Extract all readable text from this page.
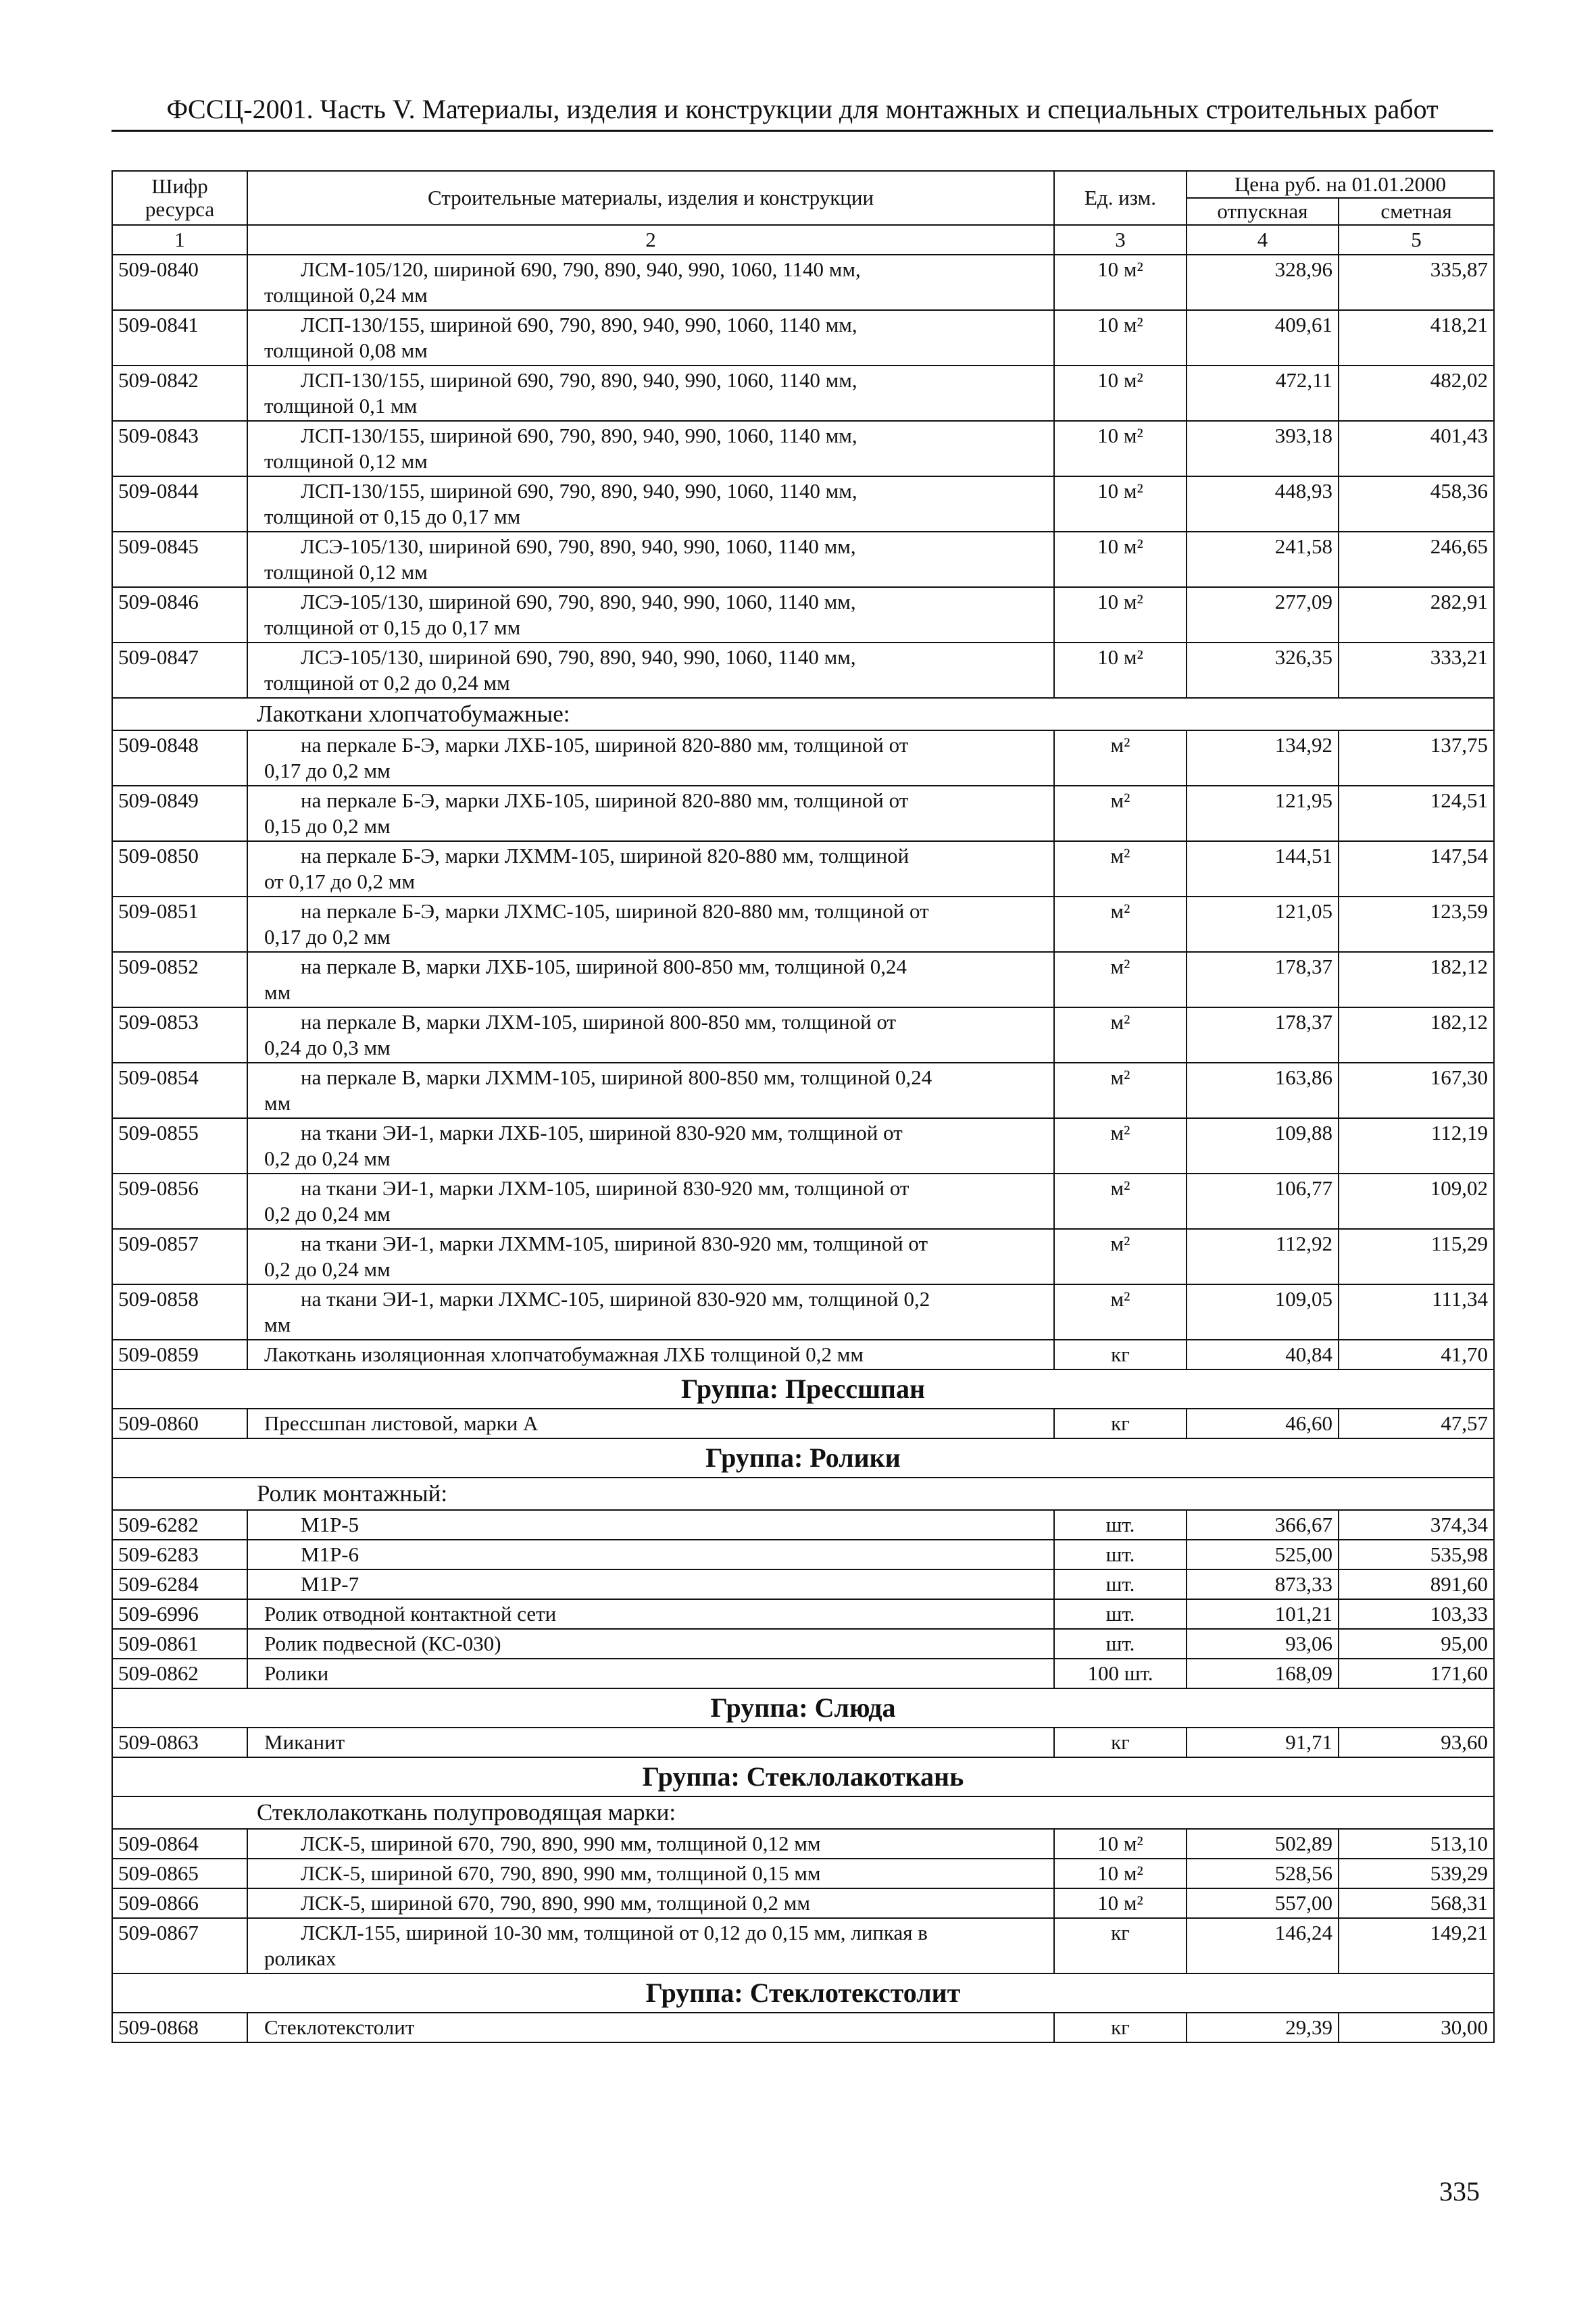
ФССЦ-2001. Часть V. Материалы, изделия и конструкции для монтажных и специальных строительных работ
Шифр ресурса	Строительные материалы, изделия и конструкции	Ед. изм.	Цена руб. на 01.01.2000	
			отпускная	сметная
1	2	3	4	5
509-0840	ЛСМ-105/120, шириной 690, 790, 890, 940, 990, 1060, 1140 мм,
толщиной 0,24 мм	10 м²	328,96	335,87
509-0841	ЛСП-130/155, шириной 690, 790, 890, 940, 990, 1060, 1140 мм,
толщиной 0,08 мм	10 м²	409,61	418,21
509-0842	ЛСП-130/155, шириной 690, 790, 890, 940, 990, 1060, 1140 мм,
толщиной 0,1 мм	10 м²	472,11	482,02
509-0843	ЛСП-130/155, шириной 690, 790, 890, 940, 990, 1060, 1140 мм,
толщиной 0,12 мм	10 м²	393,18	401,43
509-0844	ЛСП-130/155, шириной 690, 790, 890, 940, 990, 1060, 1140 мм,
толщиной от 0,15 до 0,17 мм	10 м²	448,93	458,36
509-0845	ЛСЭ-105/130, шириной 690, 790, 890, 940, 990, 1060, 1140 мм,
толщиной 0,12 мм	10 м²	241,58	246,65
509-0846	ЛСЭ-105/130, шириной 690, 790, 890, 940, 990, 1060, 1140 мм,
толщиной от 0,15 до 0,17 мм	10 м²	277,09	282,91
509-0847	ЛСЭ-105/130, шириной 690, 790, 890, 940, 990, 1060, 1140 мм,
толщиной от 0,2 до 0,24 мм	10 м²	326,35	333,21
Лакоткани хлопчатобумажные:				
509-0848	на перкале Б-Э, марки ЛХБ-105, шириной 820-880 мм, толщиной от
0,17 до 0,2 мм	м²	134,92	137,75
509-0849	на перкале Б-Э, марки ЛХБ-105, шириной 820-880 мм, толщиной от
0,15 до 0,2 мм	м²	121,95	124,51
509-0850	на перкале Б-Э, марки ЛХММ-105, шириной 820-880 мм, толщиной
от 0,17 до 0,2 мм	м²	144,51	147,54
509-0851	на перкале Б-Э, марки ЛХМС-105, шириной 820-880 мм, толщиной от
0,17 до 0,2 мм	м²	121,05	123,59
509-0852	на перкале В, марки ЛХБ-105, шириной 800-850 мм, толщиной 0,24
мм	м²	178,37	182,12
509-0853	на перкале В, марки ЛХМ-105, шириной 800-850 мм, толщиной от
0,24 до 0,3 мм	м²	178,37	182,12
509-0854	на перкале В, марки ЛХММ-105, шириной 800-850 мм, толщиной 0,24
мм	м²	163,86	167,30
509-0855	на ткани ЭИ-1, марки ЛХБ-105, шириной 830-920 мм, толщиной от
0,2 до 0,24 мм	м²	109,88	112,19
509-0856	на ткани ЭИ-1, марки ЛХМ-105, шириной 830-920 мм, толщиной от
0,2 до 0,24 мм	м²	106,77	109,02
509-0857	на ткани ЭИ-1, марки ЛХММ-105, шириной 830-920 мм, толщиной от
0,2 до 0,24 мм	м²	112,92	115,29
509-0858	на ткани ЭИ-1, марки ЛХМС-105, шириной 830-920 мм, толщиной 0,2
мм	м²	109,05	111,34
509-0859	Лакоткань изоляционная хлопчатобумажная ЛХБ толщиной 0,2 мм	кг	40,84	41,70
Группа: Прессшпан				
509-0860	Прессшпан листовой, марки А	кг	46,60	47,57
Группа: Ролики				
Ролик монтажный:				
509-6282	М1Р-5	шт.	366,67	374,34
509-6283	М1Р-6	шт.	525,00	535,98
509-6284	М1Р-7	шт.	873,33	891,60
509-6996	Ролик отводной контактной сети	шт.	101,21	103,33
509-0861	Ролик подвесной (КС-030)	шт.	93,06	95,00
509-0862	Ролики	100 шт.	168,09	171,60
Группа: Слюда				
509-0863	Миканит	кг	91,71	93,60
Группа: Стеклолакоткань				
Стеклолакоткань полупроводящая марки:				
509-0864	ЛСК-5, шириной 670, 790, 890, 990 мм, толщиной 0,12 мм	10 м²	502,89	513,10
509-0865	ЛСК-5, шириной 670, 790, 890, 990 мм, толщиной 0,15 мм	10 м²	528,56	539,29
509-0866	ЛСК-5, шириной 670, 790, 890, 990 мм, толщиной 0,2 мм	10 м²	557,00	568,31
509-0867	ЛСКЛ-155, шириной 10-30 мм, толщиной от 0,12 до 0,15 мм, липкая в
роликах	кг	146,24	149,21
Группа: Стеклотекстолит				
509-0868	Стеклотекстолит	кг	29,39	30,00
335
